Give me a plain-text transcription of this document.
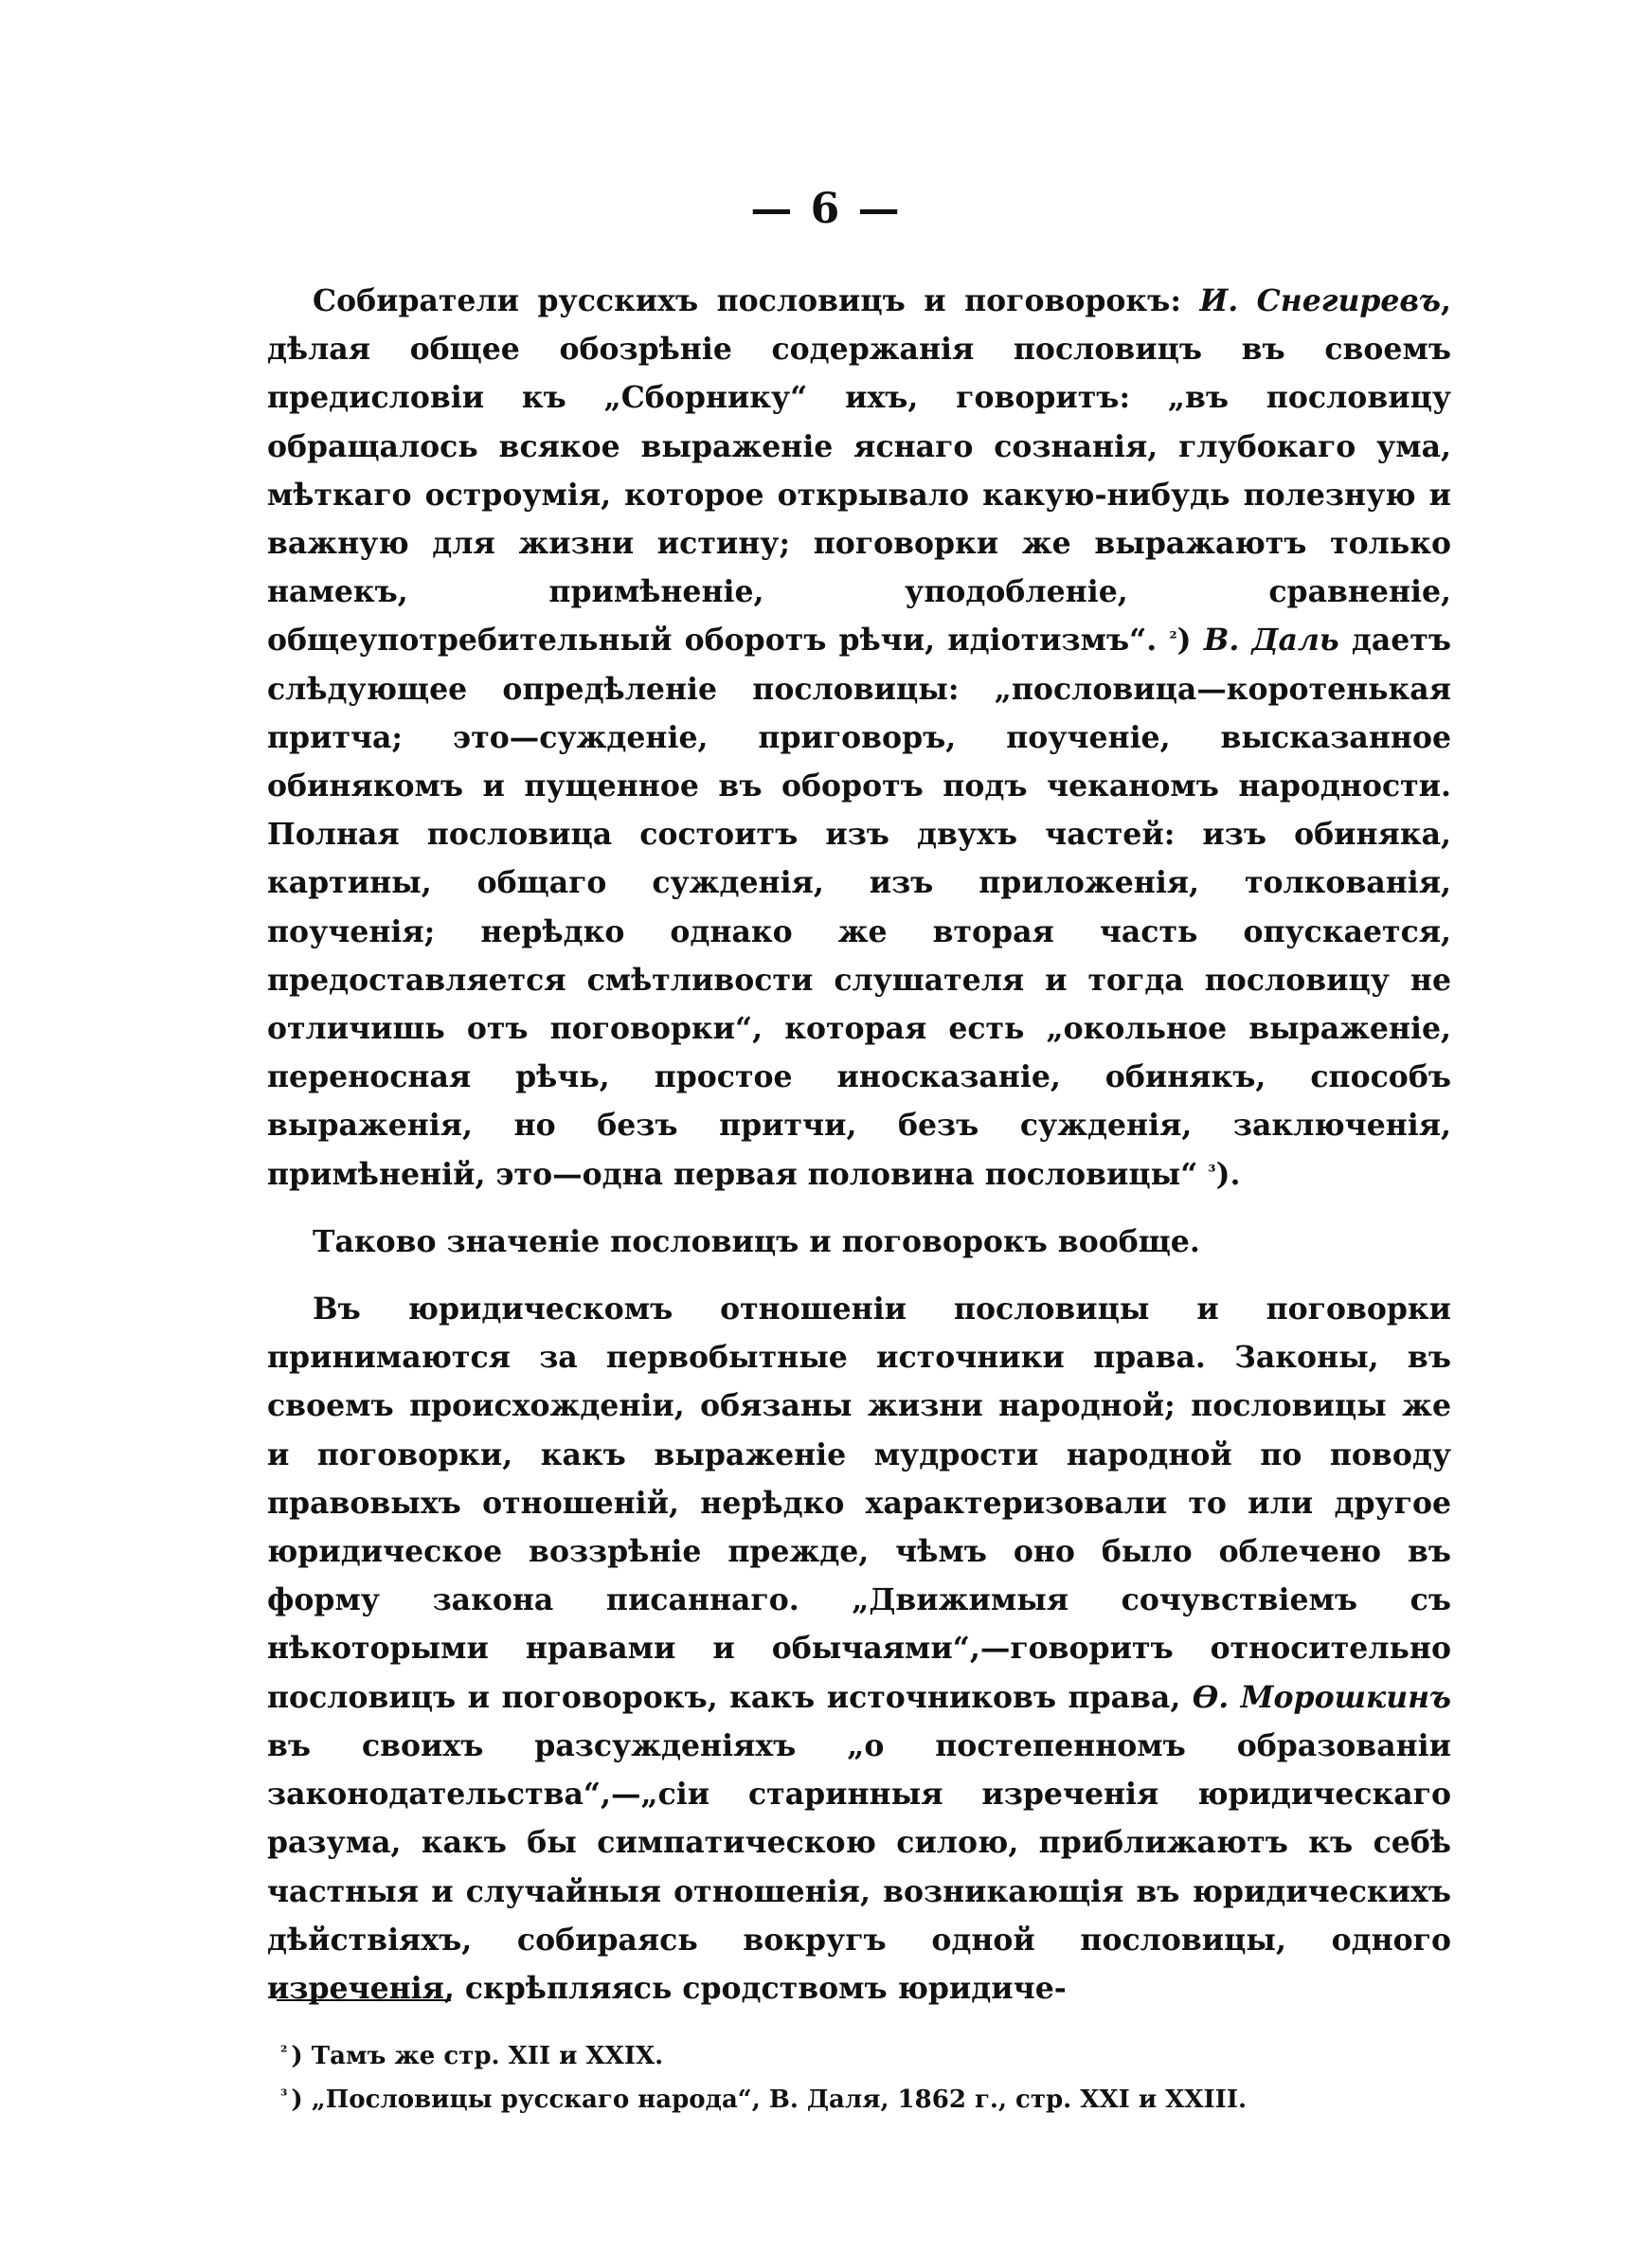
— 6 —

Собиратели русскихъ пословицъ и поговорокъ: И. Снегиревъ, дѣлая общее обозрѣніе содержанія пословицъ въ своемъ предисловіи къ „Сборнику“ ихъ, говоритъ: „въ пословицу обращалось всякое выраженіе яснаго сознанія, глубокаго ума, мѣткаго остроумія, которое открывало какую-нибудь полезную и важную для жизни истину; поговорки же выражаютъ только намекъ, примѣненіе, уподобленіе, сравненіе, общеупотребительный оборотъ рѣчи, идіотизмъ“. $^{^2}$) В. Даль даетъ слѣдующее опредѣленіе пословицы: „пословица—коротенькая притча; это—сужденіе, приговоръ, поученіе, высказанное обинякомъ и пущенное въ оборотъ подъ чеканомъ народности. Полная пословица состоитъ изъ двухъ частей: изъ обиняка, картины, общаго сужденія, изъ приложенія, толкованія, поученія; нерѣдко однако же вторая часть опускается, предоставляется смѣтливости слушателя и тогда пословицу не отличишь отъ поговорки“, которая есть „окольное выраженіе, переносная рѣчь, простое иносказаніе, обинякъ, способъ выраженія, но безъ притчи, безъ сужденія, заключенія, примѣненій, это—одна первая половина пословицы“ $^{^3}$).

Таково значеніе пословицъ и поговорокъ вообще.

Въ юридическомъ отношеніи пословицы и поговорки принимаются за первобытные источники права. Законы, въ своемъ происхожденіи, обязаны жизни народной; пословицы же и поговорки, какъ выраженіе мудрости народной по поводу правовыхъ отношеній, нерѣдко характеризовали то или другое юридическое воззрѣніе прежде, чѣмъ оно было облечено въ форму закона писаннаго. „Движимыя сочувствіемъ съ нѣкоторыми нравами и обычаями“,—говоритъ относительно пословицъ и поговорокъ, какъ источниковъ права, Ѳ. Морошкинъ въ своихъ разсужденіяхъ „о постепенномъ образованіи законодательства“,—„сіи старинныя изреченія юридическаго разума, какъ бы симпатическою силою, приближаютъ къ себѣ частныя и случайныя отношенія, возникающія въ юридическихъ дѣйствіяхъ, собираясь вокругъ одной пословицы, одного изреченія, скрѣпляясь сродствомъ юридиче-

$^{^2}$ ) Тамъ же стр. XII и XXIX.
$^{^3}$ ) „Пословицы русскаго народа“, В. Даля, 1862 г., стр. XXI и XXIII.
